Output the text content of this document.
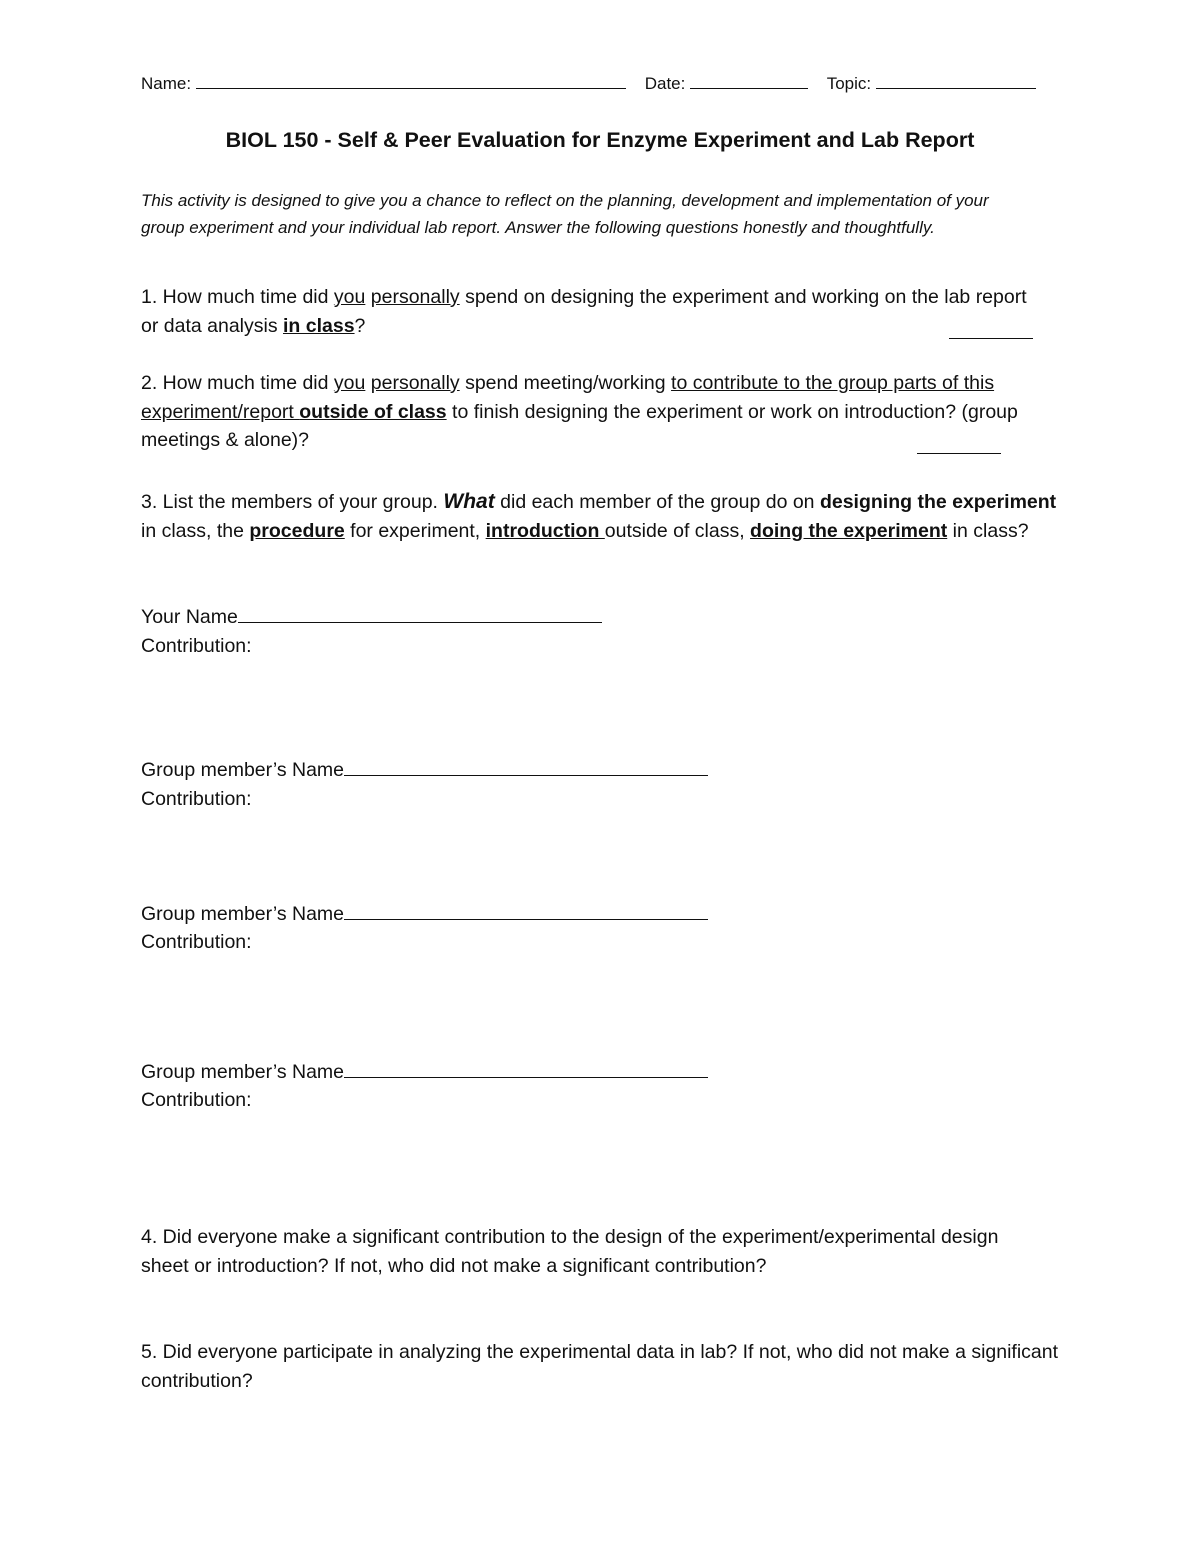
Name:	Date:	Topic:
BIOL 150 - Self & Peer Evaluation for Enzyme Experiment and Lab Report
This activity is designed to give you a chance to reflect on the planning, development and implementation of your group experiment and your individual lab report. Answer the following questions honestly and thoughtfully.
1. How much time did you personally spend on designing the experiment and working on the lab report or data analysis in class?
2. How much time did you personally spend meeting/working to contribute to the group parts of this experiment/report outside of class to finish designing the experiment or work on introduction? (group meetings & alone)?
3. List the members of your group. What did each member of the group do on designing the experiment in class, the procedure for experiment, introduction outside of class, doing the experiment in class?
Your Name
Contribution:
Group member’s Name
Contribution:
Group member’s Name
Contribution:
Group member’s Name
Contribution:
4. Did everyone make a significant contribution to the design of the experiment/experimental design sheet or introduction? If not, who did not make a significant contribution?
5. Did everyone participate in analyzing the experimental data in lab? If not, who did not make a significant contribution?
